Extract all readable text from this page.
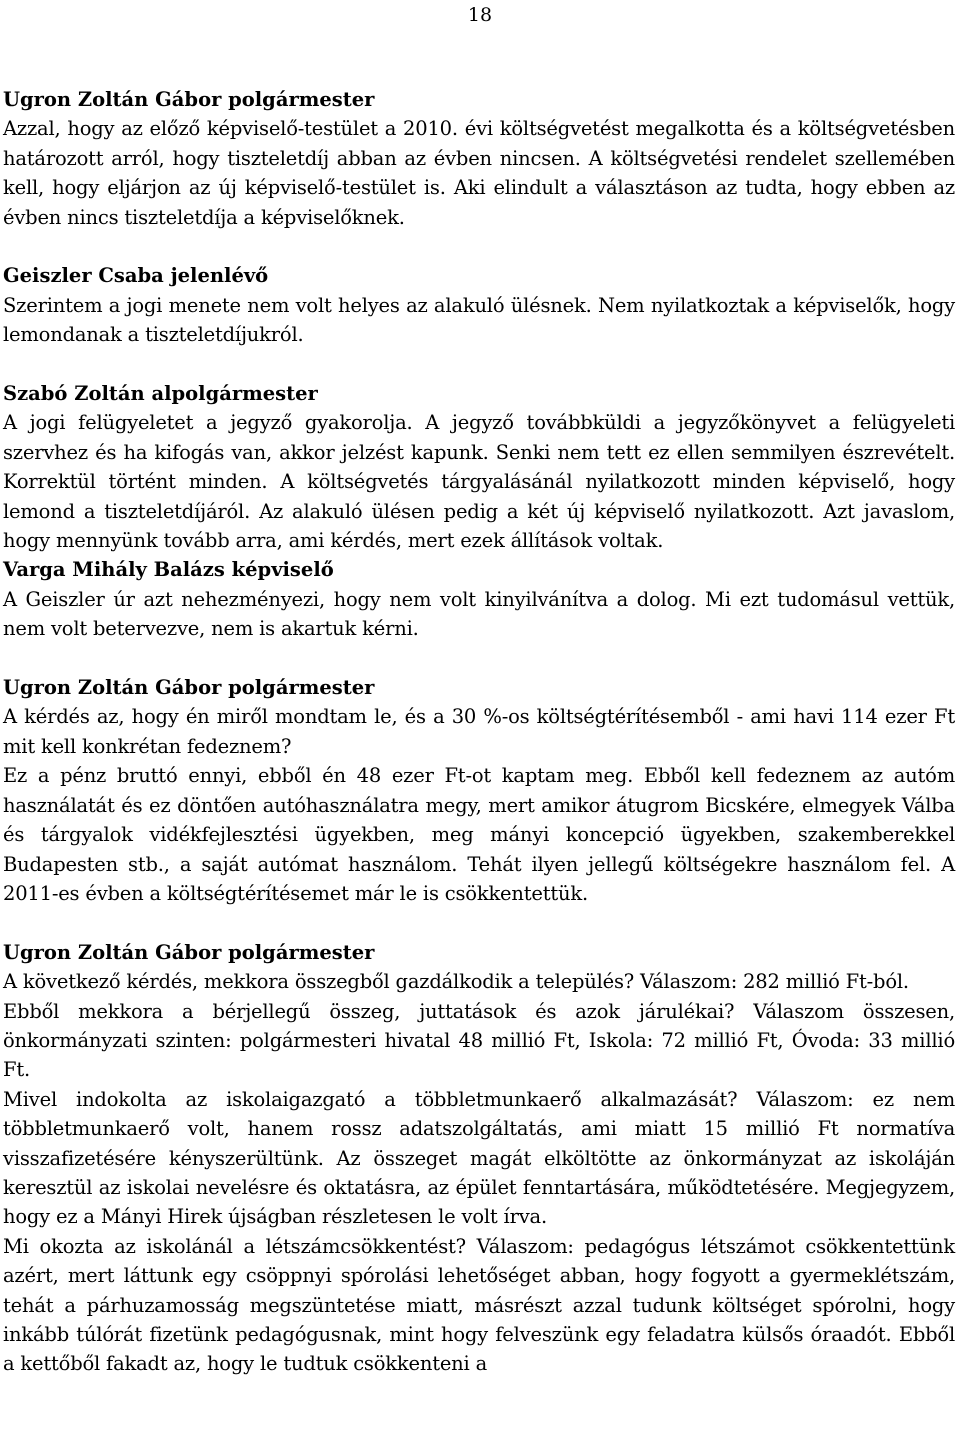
18

Ugron Zoltán Gábor polgármester

Azzal, hogy az előző képviselő-testület a 2010. évi költségvetést megalkotta és a költségvetésben határozott arról, hogy tiszteletdíj abban az évben nincsen. A költségvetési rendelet szellemében kell, hogy eljárjon az új képviselő-testület is. Aki elindult a választáson az tudta, hogy ebben az évben nincs tiszteletdíja a képviselőknek.

Geiszler Csaba jelenlévő

Szerintem a jogi menete nem volt helyes az alakuló ülésnek. Nem nyilatkoztak a képviselők, hogy lemondanak a tiszteletdíjukról.

Szabó Zoltán alpolgármester

A jogi felügyeletet a jegyző gyakorolja. A jegyző továbbküldi a jegyzőkönyvet a felügyeleti szervhez és ha kifogás van, akkor jelzést kapunk. Senki nem tett ez ellen semmilyen észrevételt. Korrektül történt minden. A költségvetés tárgyalásánál nyilatkozott minden képviselő, hogy lemond a tiszteletdíjáról. Az alakuló ülésen pedig a két új képviselő nyilatkozott. Azt javaslom, hogy mennyünk tovább arra, ami kérdés, mert ezek állítások voltak.

Varga Mihály Balázs képviselő

A Geiszler úr azt nehezményezi, hogy nem volt kinyilvánítva a dolog. Mi ezt tudomásul vettük, nem volt betervezve, nem is akartuk kérni.

Ugron Zoltán Gábor polgármester

A kérdés az, hogy én miről mondtam le, és a 30 %-os költségtérítésemből - ami havi 114 ezer Ft mit kell konkrétan fedeznem?

Ez a pénz bruttó ennyi, ebből én 48 ezer Ft-ot kaptam meg. Ebből kell fedeznem az autóm használatát és ez döntően autóhasználatra megy, mert amikor átugrom Bicskére, elmegyek Válba és tárgyalok vidékfejlesztési ügyekben, meg mányi koncepció ügyekben, szakemberekkel Budapesten stb., a saját autómat használom. Tehát ilyen jellegű költségekre használom fel. A 2011-es évben a költségtérítésemet már le is csökkentettük.

Ugron Zoltán Gábor polgármester

A következő kérdés, mekkora összegből gazdálkodik a település? Válaszom: 282 millió Ft-ból.

Ebből mekkora a bérjellegű összeg, juttatások és azok járulékai? Válaszom összesen, önkormányzati szinten: polgármesteri hivatal 48 millió Ft, Iskola: 72 millió Ft, Óvoda: 33 millió Ft.

Mivel indokolta az iskolaigazgató a többletmunkaerő alkalmazását? Válaszom: ez nem többletmunkaerő volt, hanem rossz adatszolgáltatás, ami miatt 15 millió Ft normatíva visszafizetésére kényszerültünk. Az összeget magát elköltötte az önkormányzat az iskoláján keresztül az iskolai nevelésre és oktatásra, az épület fenntartására, működtetésére. Megjegyzem, hogy ez a Mányi Hirek újságban részletesen le volt írva.

Mi okozta az iskolánál a létszámcsökkentést? Válaszom: pedagógus létszámot csökkentettünk azért, mert láttunk egy csöppnyi spórolási lehetőséget abban, hogy fogyott a gyermeklétszám, tehát a párhuzamosság megszüntetése miatt, másrészt azzal tudunk költséget spórolni, hogy inkább túlórát fizetünk pedagógusnak, mint hogy felveszünk egy feladatra külsős óraadót. Ebből a kettőből fakadt az, hogy le tudtuk csökkenteni a
